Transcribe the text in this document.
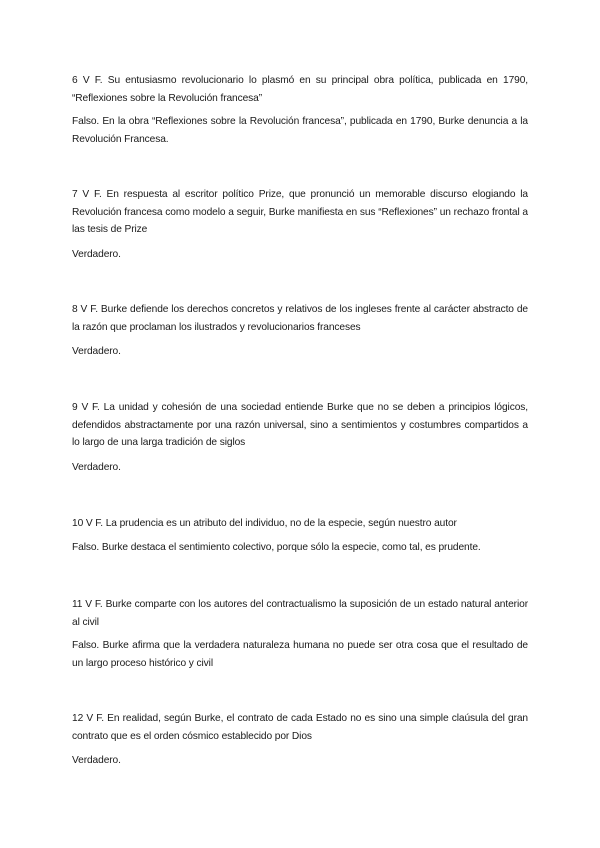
6 V F. Su entusiasmo revolucionario lo plasmó en su principal obra política, publicada en 1790, “Reflexiones sobre la Revolución francesa”

Falso. En la obra “Reflexiones sobre la Revolución francesa”, publicada en 1790, Burke denuncia a la Revolución Francesa.

7 V F. En respuesta al escritor político Prize, que pronunció un memorable discurso elogiando la Revolución francesa como modelo a seguir, Burke manifiesta en sus “Reflexiones” un rechazo frontal a las tesis de Prize

Verdadero.

8 V F. Burke defiende los derechos concretos y relativos de los ingleses frente al carácter abstracto de la razón que proclaman los ilustrados y revolucionarios franceses

Verdadero.

9 V F. La unidad y cohesión de una sociedad entiende Burke que no se deben a principios lógicos, defendidos abstractamente por una razón universal, sino a sentimientos y costumbres compartidos a lo largo de una larga tradición de siglos

Verdadero.

10 V F. La prudencia es un atributo del individuo, no de la especie, según nuestro autor

Falso. Burke destaca el sentimiento colectivo, porque sólo la especie, como tal, es prudente.

11 V F. Burke comparte con los autores del contractualismo la suposición de un estado natural anterior al civil

Falso. Burke afirma que la verdadera naturaleza humana no puede ser otra cosa que el resultado de un largo proceso histórico y civil

12 V F. En realidad, según Burke, el contrato de cada Estado no es sino una simple claúsula del gran contrato que es el orden cósmico establecido por Dios

Verdadero.
